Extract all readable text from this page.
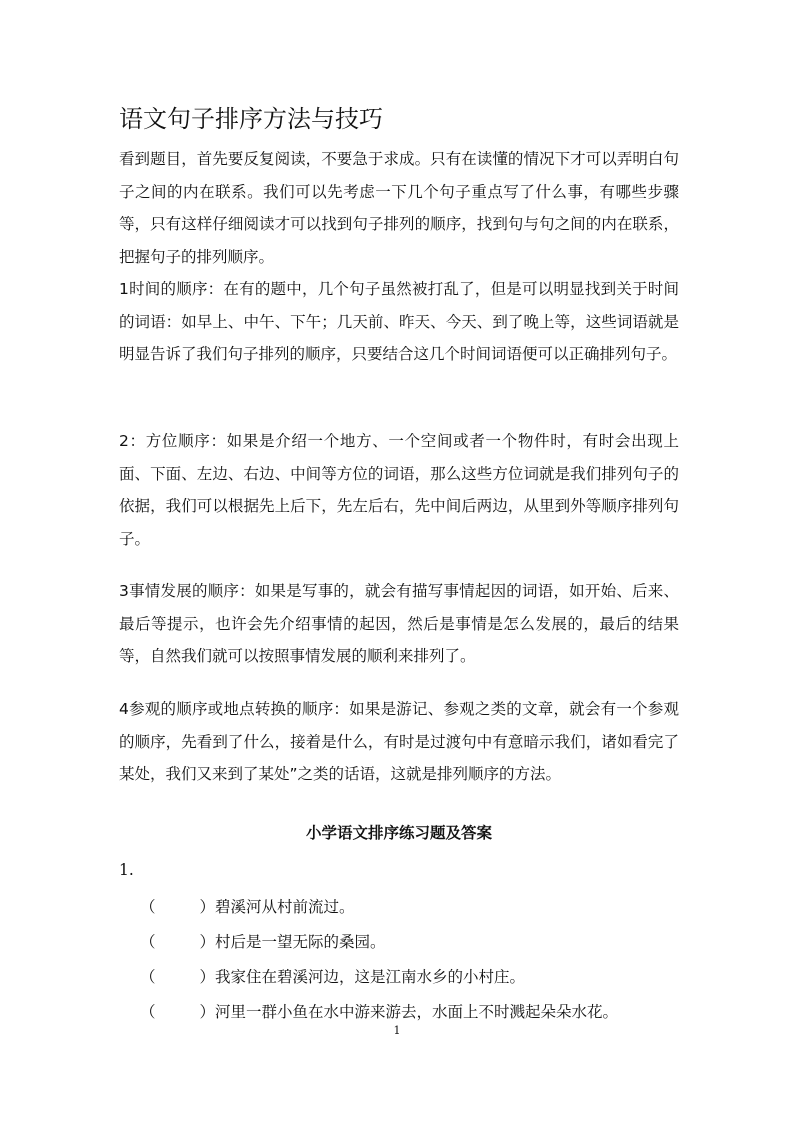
语文句子排序方法与技巧

看到题目，首先要反复阅读，不要急于求成。只有在读懂的情况下才可以弄明白句子之间的内在联系。我们可以先考虑一下几个句子重点写了什么事，有哪些步骤等，只有这样仔细阅读才可以找到句子排列的顺序，找到句与句之间的内在联系，把握句子的排列顺序。

1时间的顺序：在有的题中，几个句子虽然被打乱了，但是可以明显找到关于时间的词语：如早上、中午、下午；几天前、昨天、今天、到了晚上等，这些词语就是明显告诉了我们句子排列的顺序，只要结合这几个时间词语便可以正确排列句子。

2：方位顺序：如果是介绍一个地方、一个空间或者一个物件时，有时会出现上面、下面、左边、右边、中间等方位的词语，那么这些方位词就是我们排列句子的依据，我们可以根据先上后下，先左后右，先中间后两边，从里到外等顺序排列句子。

3事情发展的顺序：如果是写事的，就会有描写事情起因的词语，如开始、后来、最后等提示，也许会先介绍事情的起因，然后是事情是怎么发展的，最后的结果等，自然我们就可以按照事情发展的顺利来排列了。

4参观的顺序或地点转换的顺序：如果是游记、参观之类的文章，就会有一个参观的顺序，先看到了什么，接着是什么，有时是过渡句中有意暗示我们，诸如看完了某处，我们又来到了某处”之类的话语，这就是排列顺序的方法。

小学语文排序练习题及答案
1.
（	）碧溪河从村前流过。
（	）村后是一望无际的桑园。
（	）我家住在碧溪河边，这是江南水乡的小村庄。
（	）河里一群小鱼在水中游来游去，水面上不时溅起朵朵水花。
1
